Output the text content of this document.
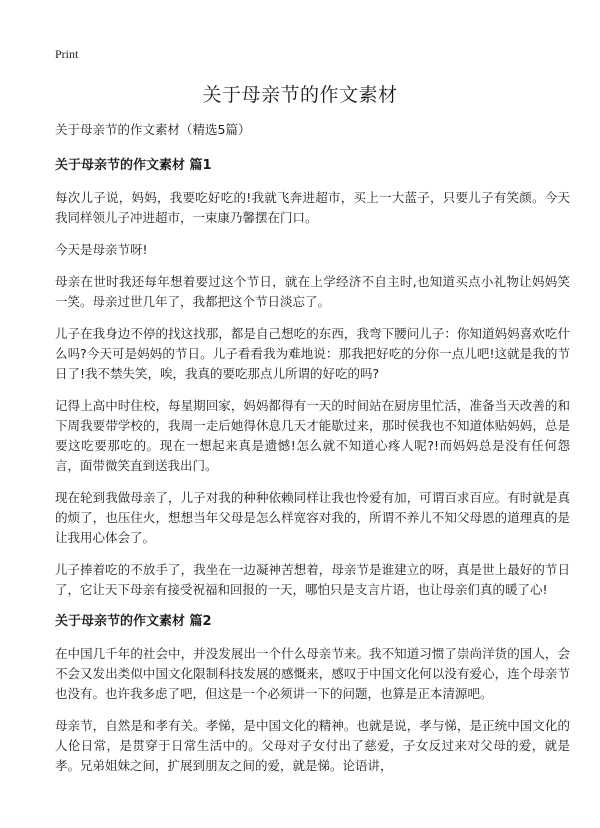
Print
关于母亲节的作文素材

关于母亲节的作文素材（精选5篇）

关于母亲节的作文素材 篇1

每次儿子说，妈妈，我要吃好吃的!我就飞奔进超市，买上一大蓝子，只要儿子有笑颜。今天我同样领儿子冲进超市，一束康乃馨摆在门口。

今天是母亲节呀!

母亲在世时我还每年想着要过这个节日，就在上学经济不自主时,也知道买点小礼物让妈妈笑一笑。母亲过世几年了，我都把这个节日淡忘了。

儿子在我身边不停的找这找那，都是自己想吃的东西，我弯下腰问儿子：你知道妈妈喜欢吃什么吗?今天可是妈妈的节日。儿子看看我为难地说：那我把好吃的分你一点儿吧!这就是我的节日了!我不禁失笑，唉，我真的要吃那点儿所谓的好吃的吗?

记得上高中时住校，每星期回家，妈妈都得有一天的时间站在厨房里忙活，准备当天改善的和下周我要带学校的，我周一走后她得休息几天才能歇过来，那时侯我也不知道体贴妈妈，总是要这吃要那吃的。现在一想起来真是遗憾!怎么就不知道心疼人呢?!而妈妈总是没有任何怨言，面带微笑直到送我出门。

现在轮到我做母亲了，儿子对我的种种依赖同样让我也怜爱有加，可谓百求百应。有时就是真的烦了，也压住火，想想当年父母是怎么样宽容对我的，所谓不养儿不知父母恩的道理真的是让我用心体会了。

儿子捧着吃的不放手了，我坐在一边凝神苦想着，母亲节是谁建立的呀，真是世上最好的节日了，它让天下母亲有接受祝福和回报的一天，哪怕只是支言片语，也让母亲们真的暖了心!

关于母亲节的作文素材 篇2

在中国几千年的社会中，并没发展出一个什么母亲节来。我不知道习惯了崇尚洋货的国人，会不会又发出类似中国文化限制科技发展的感慨来，感叹于中国文化何以没有爱心，连个母亲节也没有。也许我多虑了吧，但这是一个必须讲一下的问题，也算是正本清源吧。

母亲节，自然是和孝有关。孝悌，是中国文化的精神。也就是说，孝与悌，是正统中国文化的人伦日常，是贯穿于日常生活中的。父母对子女付出了慈爱，子女反过来对父母的爱，就是孝。兄弟姐妹之间，扩展到朋友之间的爱，就是悌。论语讲，
